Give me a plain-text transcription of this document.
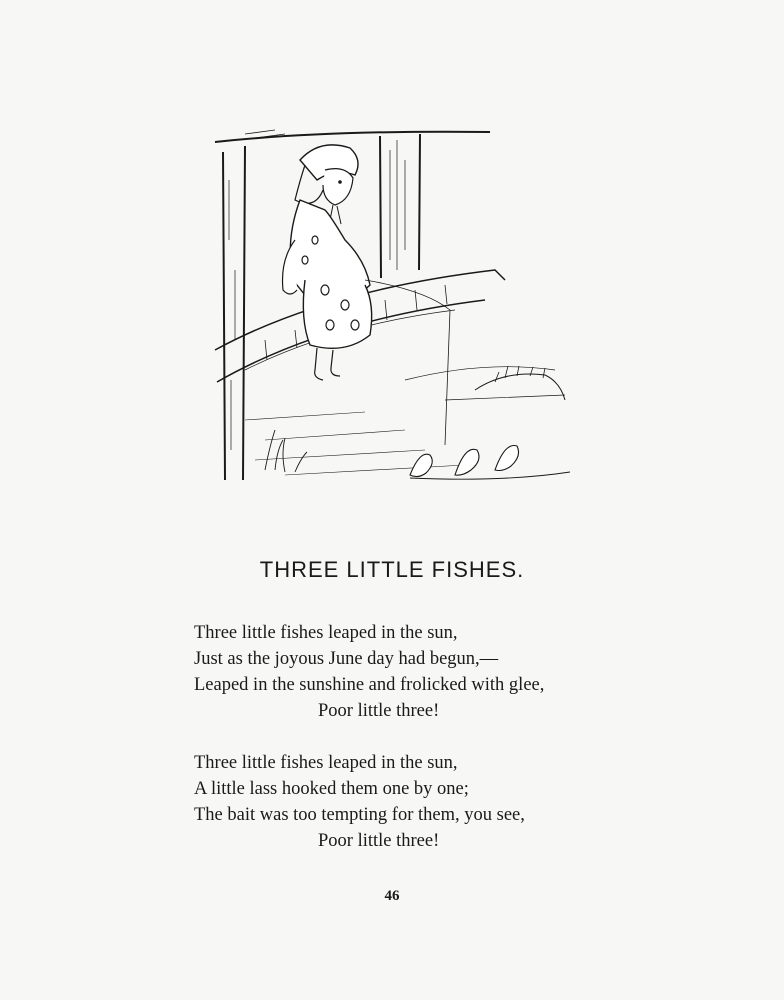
THREE LITTLE FISHES.
Three little fishes leaped in the sun,
Just as the joyous June day had begun,—
Leaped in the sunshine and frolicked with glee,
Poor little three!
Three little fishes leaped in the sun,
A little lass hooked them one by one;
The bait was too tempting for them, you see,
Poor little three!
46
